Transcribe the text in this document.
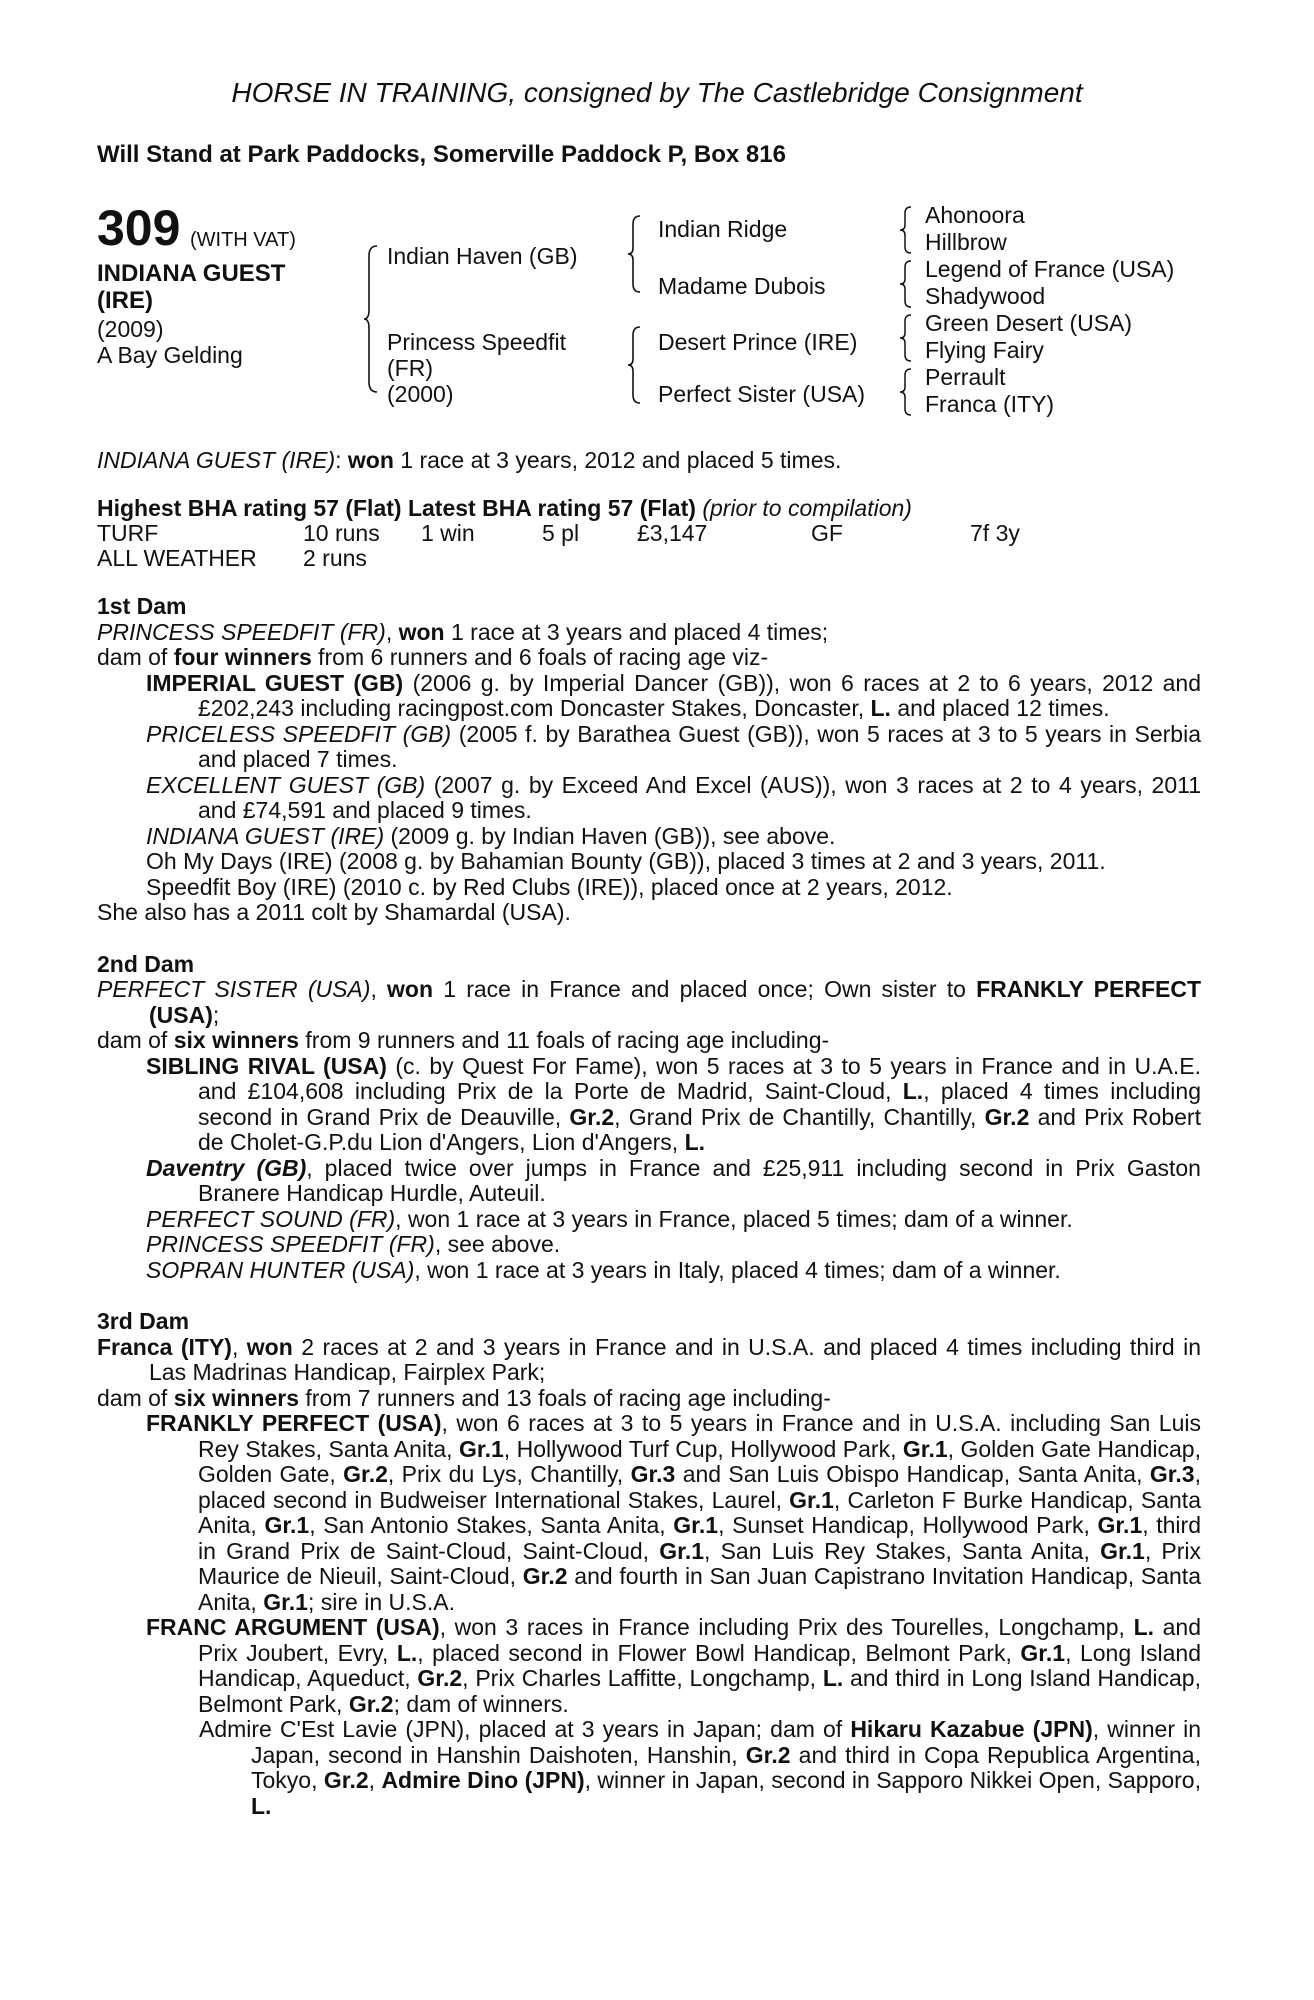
HORSE IN TRAINING, consigned by The Castlebridge Consignment
Will Stand at Park Paddocks, Somerville Paddock P, Box 816
309 (WITH VAT)
INDIANA GUEST (IRE)
(2009)
A Bay Gelding
Indian Haven (GB)
Princess Speedfit
(FR)
(2000)
Indian Ridge
Madame Dubois
Desert Prince (IRE)
Perfect Sister (USA)
Ahonoora
Hillbrow
Legend of France (USA)
Shadywood
Green Desert (USA)
Flying Fairy
Perrault
Franca (ITY)

INDIANA GUEST (IRE): won 1 race at 3 years, 2012 and placed 5 times.

Highest BHA rating 57 (Flat) Latest BHA rating 57 (Flat) (prior to compilation)

TURF	10 runs 1 win	5 pl	£3,147	GF	7f 3y
ALL WEATHER 2 runs

1st Dam

PRINCESS SPEEDFIT (FR), won 1 race at 3 years and placed 4 times;

dam of four winners from 6 runners and 6 foals of racing age viz-

IMPERIAL GUEST (GB) (2006 g. by Imperial Dancer (GB)), won 6 races at 2 to 6 years, 2012 and £202,243 including racingpost.com Doncaster Stakes, Doncaster, L. and placed 12 times.

PRICELESS SPEEDFIT (GB) (2005 f. by Barathea Guest (GB)), won 5 races at 3 to 5 years in Serbia and placed 7 times.

EXCELLENT GUEST (GB) (2007 g. by Exceed And Excel (AUS)), won 3 races at 2 to 4 years, 2011 and £74,591 and placed 9 times.

INDIANA GUEST (IRE) (2009 g. by Indian Haven (GB)), see above.

Oh My Days (IRE) (2008 g. by Bahamian Bounty (GB)), placed 3 times at 2 and 3 years, 2011.

Speedfit Boy (IRE) (2010 c. by Red Clubs (IRE)), placed once at 2 years, 2012.

She also has a 2011 colt by Shamardal (USA).

2nd Dam

PERFECT SISTER (USA), won 1 race in France and placed once; Own sister to FRANKLY PERFECT (USA);

dam of six winners from 9 runners and 11 foals of racing age including-

SIBLING RIVAL (USA) (c. by Quest For Fame), won 5 races at 3 to 5 years in France and in U.A.E. and £104,608 including Prix de la Porte de Madrid, Saint-Cloud, L., placed 4 times including second in Grand Prix de Deauville, Gr.2, Grand Prix de Chantilly, Chantilly, Gr.2 and Prix Robert de Cholet-G.P.du Lion d'Angers, Lion d'Angers, L.

Daventry (GB), placed twice over jumps in France and £25,911 including second in Prix Gaston Branere Handicap Hurdle, Auteuil.

PERFECT SOUND (FR), won 1 race at 3 years in France, placed 5 times; dam of a winner.

PRINCESS SPEEDFIT (FR), see above.

SOPRAN HUNTER (USA), won 1 race at 3 years in Italy, placed 4 times; dam of a winner.

3rd Dam

Franca (ITY), won 2 races at 2 and 3 years in France and in U.S.A. and placed 4 times including third in Las Madrinas Handicap, Fairplex Park;

dam of six winners from 7 runners and 13 foals of racing age including-

FRANKLY PERFECT (USA), won 6 races at 3 to 5 years in France and in U.S.A. including San Luis Rey Stakes, Santa Anita, Gr.1, Hollywood Turf Cup, Hollywood Park, Gr.1, Golden Gate Handicap, Golden Gate, Gr.2, Prix du Lys, Chantilly, Gr.3 and San Luis Obispo Handicap, Santa Anita, Gr.3, placed second in Budweiser International Stakes, Laurel, Gr.1, Carleton F Burke Handicap, Santa Anita, Gr.1, San Antonio Stakes, Santa Anita, Gr.1, Sunset Handicap, Hollywood Park, Gr.1, third in Grand Prix de Saint-Cloud, Saint-Cloud, Gr.1, San Luis Rey Stakes, Santa Anita, Gr.1, Prix Maurice de Nieuil, Saint-Cloud, Gr.2 and fourth in San Juan Capistrano Invitation Handicap, Santa Anita, Gr.1; sire in U.S.A.

FRANC ARGUMENT (USA), won 3 races in France including Prix des Tourelles, Longchamp, L. and Prix Joubert, Evry, L., placed second in Flower Bowl Handicap, Belmont Park, Gr.1, Long Island Handicap, Aqueduct, Gr.2, Prix Charles Laffitte, Longchamp, L. and third in Long Island Handicap, Belmont Park, Gr.2; dam of winners.

Admire C'Est Lavie (JPN), placed at 3 years in Japan; dam of Hikaru Kazabue (JPN), winner in Japan, second in Hanshin Daishoten, Hanshin, Gr.2 and third in Copa Republica Argentina, Tokyo, Gr.2, Admire Dino (JPN), winner in Japan, second in Sapporo Nikkei Open, Sapporo, L.
